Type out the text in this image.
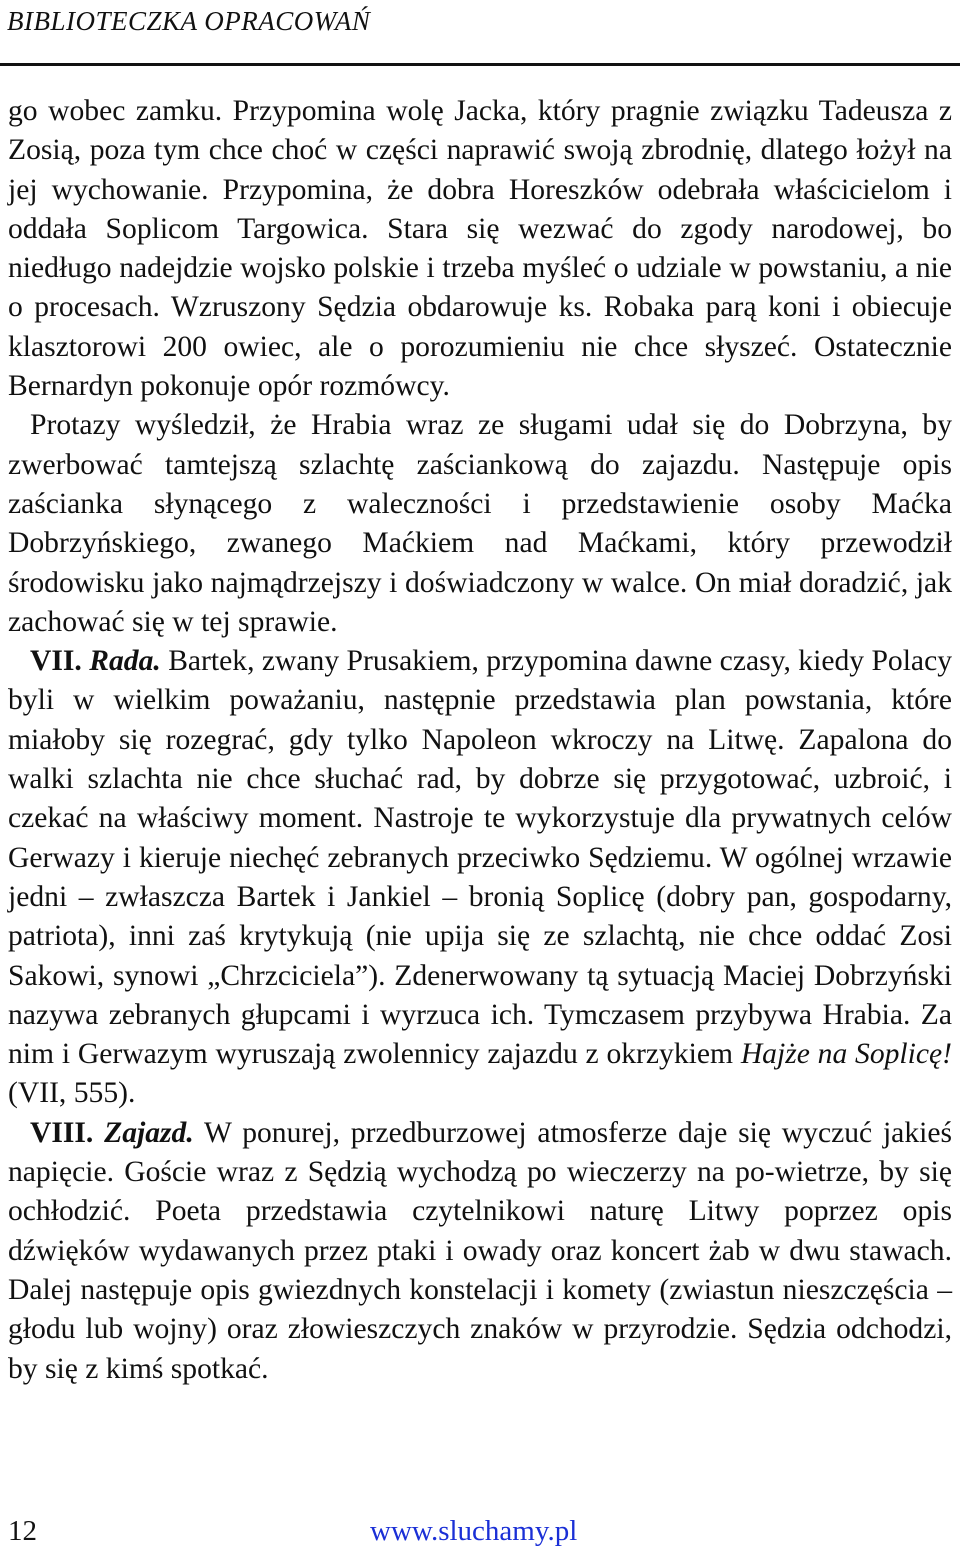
BIBLIOTECZKA OPRACOWAŃ

go wobec zamku. Przypomina wolę Jacka, który pragnie związku Tadeusza z Zosią, poza tym chce choć w części naprawić swoją zbrodnię, dlatego łożył na jej wychowanie. Przypomina, że dobra Horeszków odebrała właścicielom i oddała Soplicom Targowica. Stara się wezwać do zgody narodowej, bo niedługo nadejdzie wojsko polskie i trzeba myśleć o udziale w powstaniu, a nie o procesach. Wzruszony Sędzia obdarowuje ks. Robaka parą koni i obiecuje klasztorowi 200 owiec, ale o porozumieniu nie chce słyszeć. Ostatecznie Bernardyn pokonuje opór rozmówcy.

Protazy wyśledził, że Hrabia wraz ze sługami udał się do Dobrzyna, by zwerbować tamtejszą szlachtę zaściankową do zajazdu. Następuje opis zaścianka słynącego z waleczności i przedstawienie osoby Maćka Dobrzyńskiego, zwanego Maćkiem nad Maćkami, który przewodził środowisku jako najmądrzejszy i doświadczony w walce. On miał doradzić, jak zachować się w tej sprawie.

VII. Rada. Bartek, zwany Prusakiem, przypomina dawne czasy, kiedy Polacy byli w wielkim poważaniu, następnie przedstawia plan powstania, które miałoby się rozegrać, gdy tylko Napoleon wkroczy na Litwę. Zapalona do walki szlachta nie chce słuchać rad, by dobrze się przygotować, uzbroić, i czekać na właściwy moment. Nastroje te wykorzystuje dla prywatnych celów Gerwazy i kieruje niechęć zebranych przeciwko Sędziemu. W ogólnej wrzawie jedni – zwłaszcza Bartek i Jankiel – bronią Soplicę (dobry pan, gospodarny, patriota), inni zaś krytykują (nie upija się ze szlachtą, nie chce oddać Zosi Sakowi, synowi „Chrzciciela”). Zdenerwowany tą sytuacją Maciej Dobrzyński nazywa zebranych głupcami i wyrzuca ich. Tymczasem przybywa Hrabia. Za nim i Gerwazym wyruszają zwolennicy zajazdu z okrzykiem Hajże na Soplicę! (VII, 555).

VIII. Zajazd. W ponurej, przedburzowej atmosferze daje się wyczuć jakieś napięcie. Goście wraz z Sędzią wychodzą po wieczerzy na po-wietrze, by się ochłodzić. Poeta przedstawia czytelnikowi naturę Litwy poprzez opis dźwięków wydawanych przez ptaki i owady oraz koncert żab w dwu stawach. Dalej następuje opis gwiezdnych konstelacji i komety (zwiastun nieszczęścia – głodu lub wojny) oraz złowieszczych znaków w przyrodzie. Sędzia odchodzi, by się z kimś spotkać.

12	www.sluchamy.pl
